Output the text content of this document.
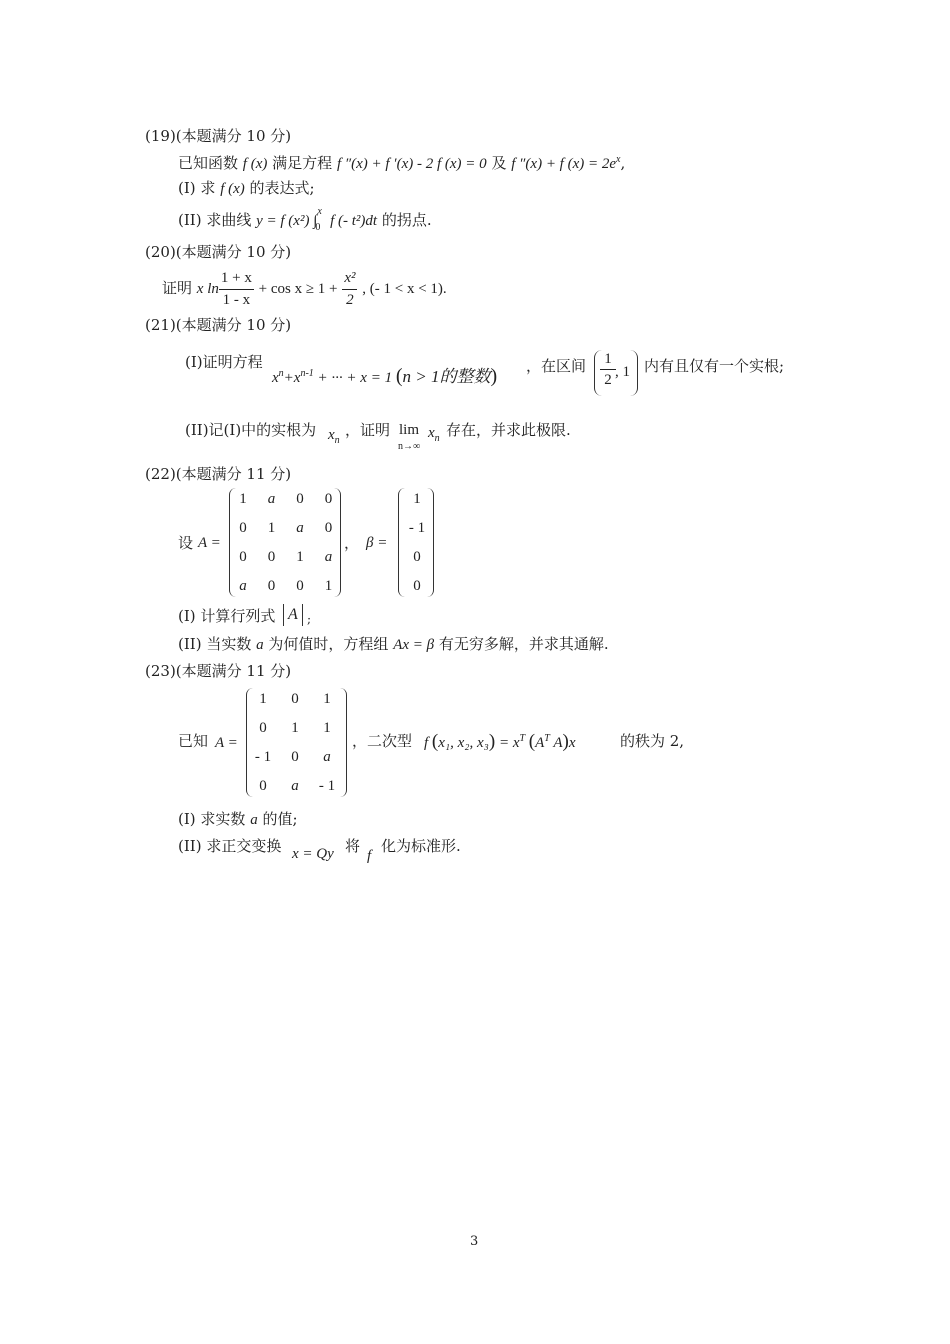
(19)(本题满分 10 分)
已知函数 f (x) 满足方程 f ″(x) + f ′(x) - 2 f (x) = 0 及 f ″(x) + f $(x) = 2e^x$,
(I) 求 f (x) 的表达式;
(II) 求曲线 y = f (x²) ∫
x
0 f (- t²)dt 的拐点.
(20)(本题满分 10 分)
证明 x $\ln \frac{1 + x}{1 - x} + \cos x \ge 1 + \frac{\text{x²}}{2}$ , (- 1 < x < 1).
(21)(本题满分 10 分)
(I)证明方程
$x^n+x^{n-1}$ + ··· + x = 1 (n > 1的整数) ，在区间 $\frac{1}{2}$ , 1 内有且仅有一个实根;
(II)记(I)中的实根为 $x_n$
，证明 lim
n→∞
$x_n$ 存在，并求此极限.
(22)(本题满分 11 分)
设 A =
1	a	0	0
0	1	a	0
0	0	1	a
a	0	0	1
， β =
1
- 1
0
0
(I) 计算行列式 A ;
(II) 当实数 a 为何值时，方程组 Ax = β 有无穷多解，并求其通解.
(23)(本题满分 11 分)
已知 A =
1	0	1
0	1	1
- 1	0	a
0	a	- 1
，二次型 f (x₁, x₂, $x_3) = x^T$ ($A^T$ A)x	的秩为 2,
(I) 求实数 a 的值;
(II) 求正交变换 x = Qy 将
f
化为标准形.
3
